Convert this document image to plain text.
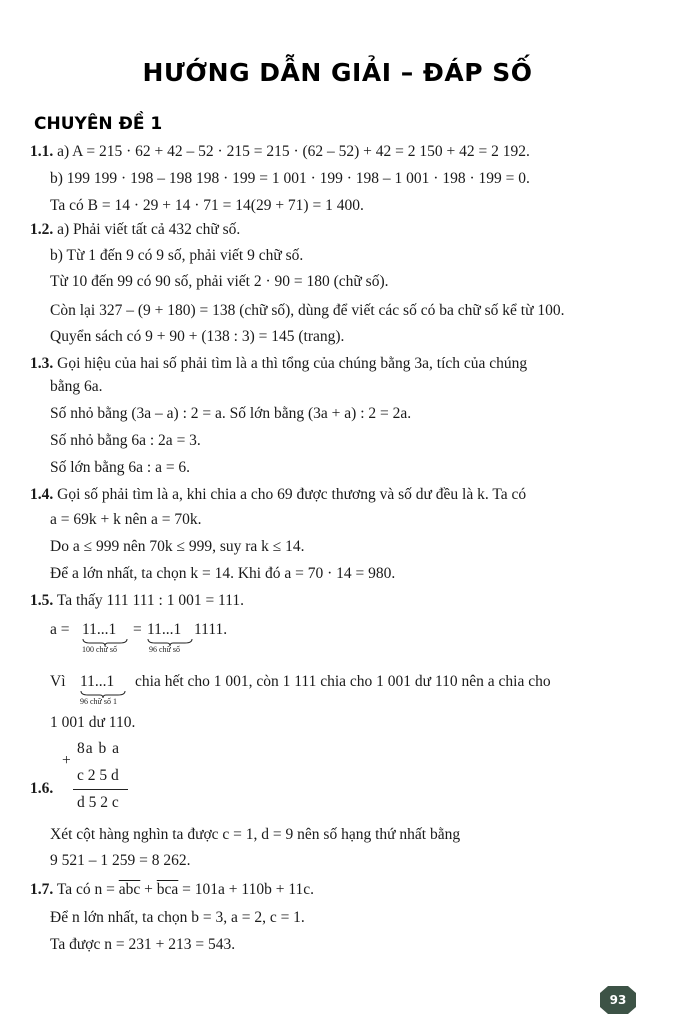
HƯỚNG DẪN GIẢI – ĐÁP SỐ
CHUYÊN ĐỀ 1
1.1. a) A = 215 · 62 + 42 – 52 · 215 = 215 · (62 – 52) + 42 = 2 150 + 42 = 2 192.
b) 199 199 · 198 – 198 198 · 199 = 1 001 · 199 · 198 – 1 001 · 198 · 199 = 0.
Ta có B = 14 · 29 + 14 · 71 = 14(29 + 71) = 1 400.
1.2. a) Phải viết tất cả 432 chữ số.
b) Từ 1 đến 9 có 9 số, phải viết 9 chữ số.
Từ 10 đến 99 có 90 số, phải viết 2 · 90 = 180 (chữ số).
Còn lại 327 – (9 + 180) = 138 (chữ số), dùng để viết các số có ba chữ số kể từ 100.
Quyển sách có 9 + 90 + (138 : 3) = 145 (trang).
1.3. Gọi hiệu của hai số phải tìm là a thì tổng của chúng bằng 3a, tích của chúng
bằng 6a.
Số nhỏ bằng (3a – a) : 2 = a. Số lớn bằng (3a + a) : 2 = 2a.
Số nhỏ bằng 6a : 2a = 3.
Số lớn bằng 6a : a = 6.
1.4. Gọi số phải tìm là a, khi chia a cho 69 được thương và số dư đều là k. Ta có
a = 69k + k nên a = 70k.
Do a ≤ 999 nên 70k ≤ 999, suy ra k ≤ 14.
Để a lớn nhất, ta chọn k = 14. Khi đó a = 70 · 14 = 980.
1.5. Ta thấy 111 111 : 1 001 = 111.
a = 11...1
100 chữ số
= 11...1
96 chữ số
1111.
Vì 11...1
96 chữ số 1
chia hết cho 1 001, còn 1 111 chia cho 1 001 dư 110 nên a chia cho
1 001 dư 110.
8a b a
+
c 2 5 d
1.6.
d 5 2 c
Xét cột hàng nghìn ta được c = 1, d = 9 nên số hạng thứ nhất bằng
9 521 – 1 259 = 8 262.
1.7. Ta có $n = \overline{abc} + \overline{bca} = 101a + 110b + 11c$.
Để n lớn nhất, ta chọn b = 3, a = 2, c = 1.
Ta được n = 231 + 213 = 543.
93
